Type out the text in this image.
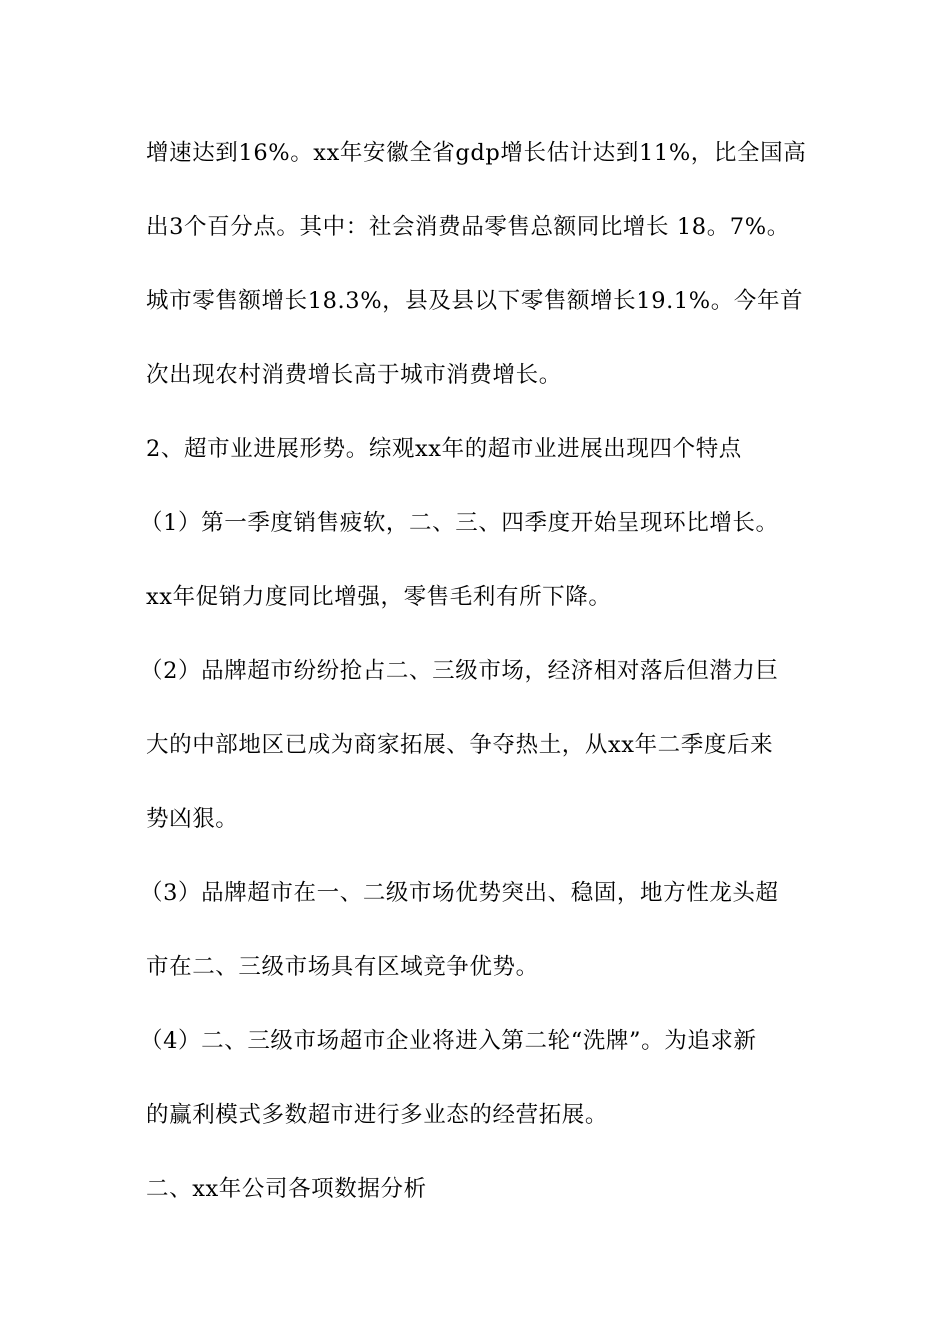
增速达到16%。xx年安徽全省gdp增长估计达到11%，比全国高
出3个百分点。其中：社会消费品零售总额同比增长 18。7%。
城市零售额增长18.3%，县及县以下零售额增长19.1%。今年首
次出现农村消费增长高于城市消费增长。
2、超市业进展形势。综观xx年的超市业进展出现四个特点
（1）第一季度销售疲软，二、三、四季度开始呈现环比增长。
xx年促销力度同比增强，零售毛利有所下降。
（2）品牌超市纷纷抢占二、三级市场，经济相对落后但潜力巨
大的中部地区已成为商家拓展、争夺热土，从xx年二季度后来
势凶狠。
（3）品牌超市在一、二级市场优势突出、稳固，地方性龙头超
市在二、三级市场具有区域竞争优势。
（4）二、三级市场超市企业将进入第二轮“洗牌”。为追求新
的赢利模式多数超市进行多业态的经营拓展。
二、xx年公司各项数据分析
